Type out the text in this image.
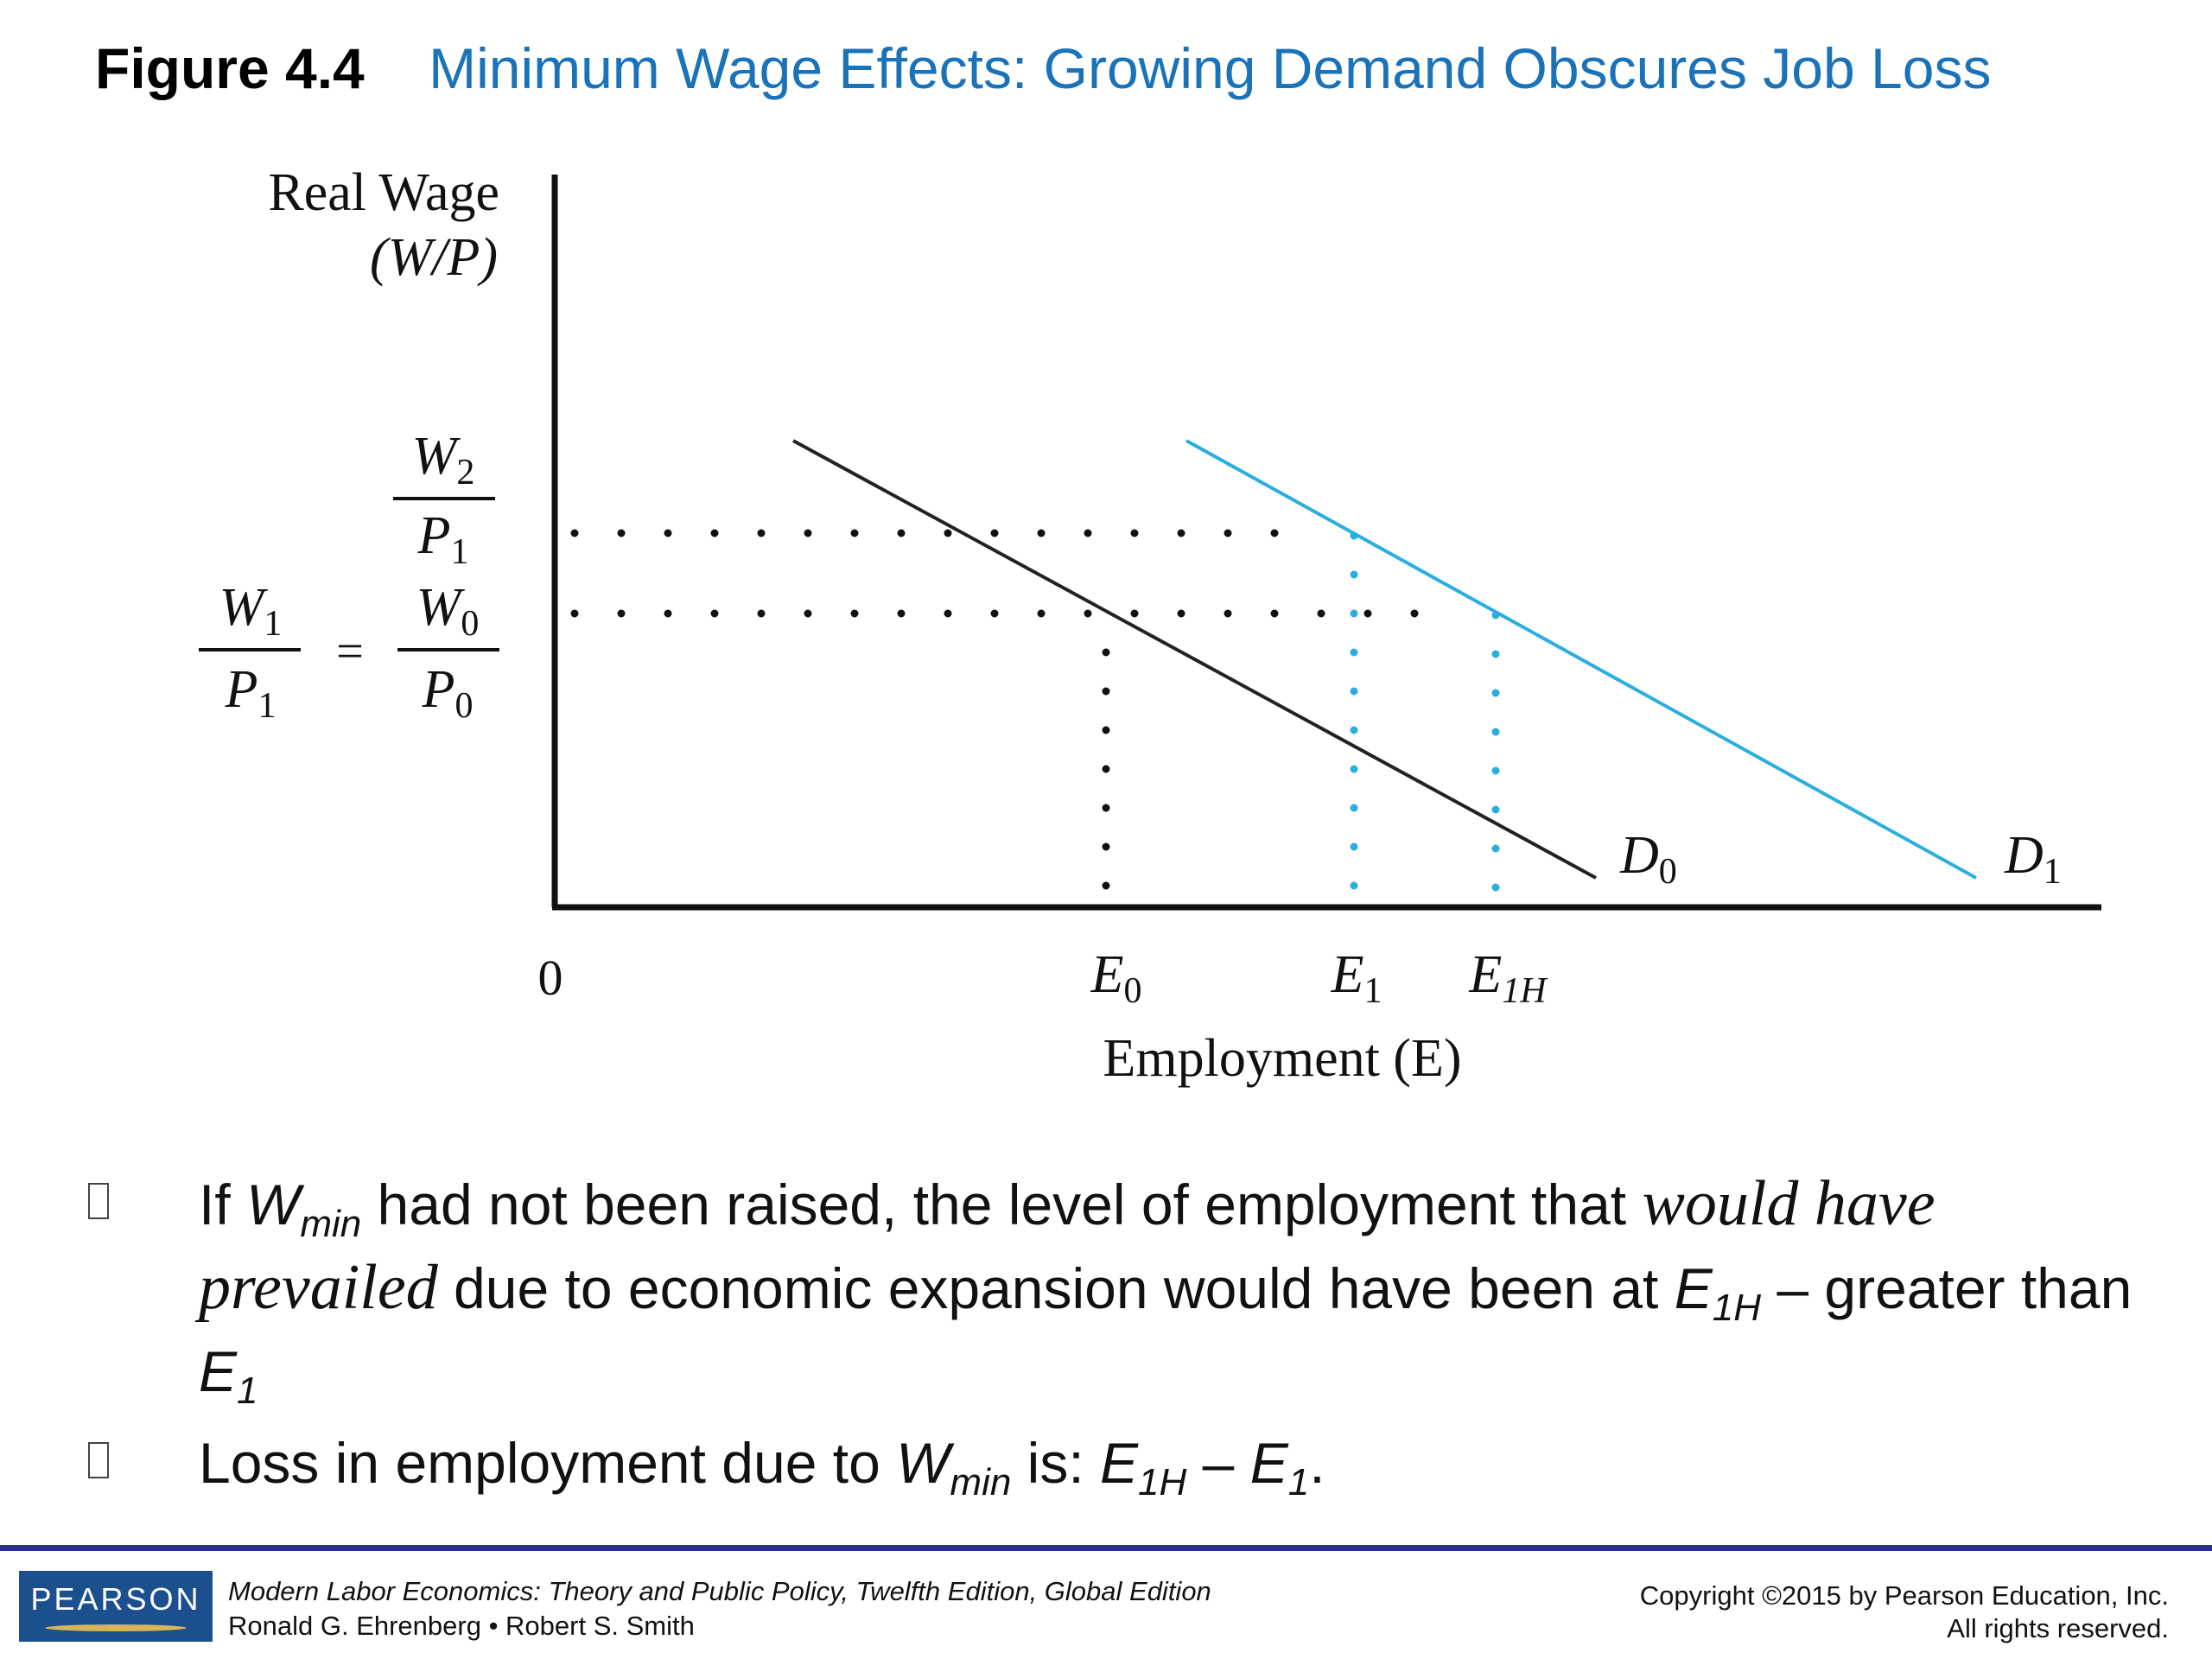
Figure 4.4 Minimum Wage Effects: Growing Demand Obscures Job Loss
Real Wage
(W/P)
W2
P1
W1
P1
=
W0
P0
0	E0	E1 E1H
Employment (E)
D0	D1
If $W_{min}$ had not been raised, the level of employment that would have prevailed due to economic expansion would have been at $E_{1H}$ – greater than $E_1$
Loss in employment due to $W_{min}$ is: $E_{1H} - E_1$.
PEARSON	Modern Labor Economics: Theory and Public Policy, Twelfth Edition, Global Edition
Ronald G. Ehrenberg • Robert S. Smith
Copyright ©2015 by Pearson Education, Inc.
All rights reserved.
